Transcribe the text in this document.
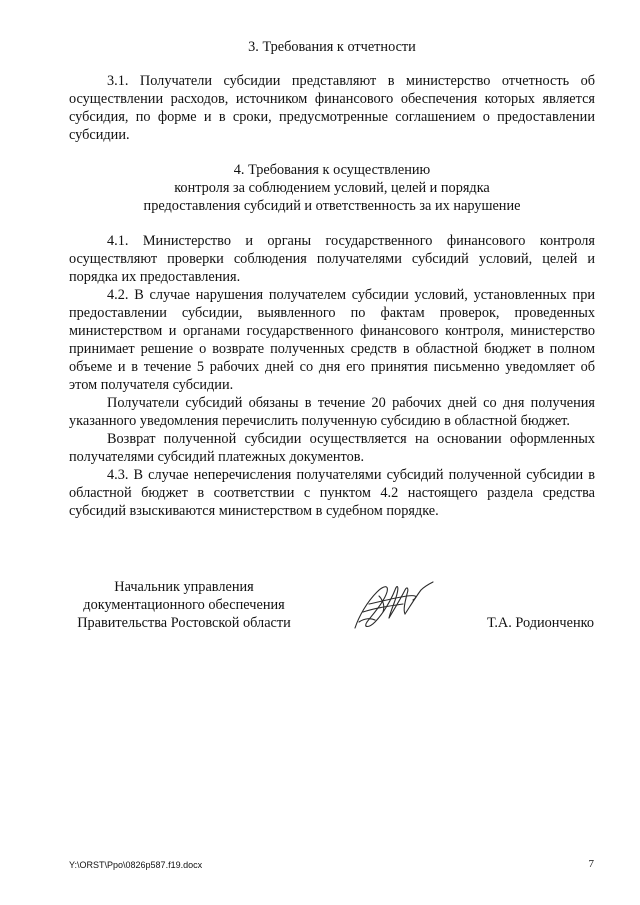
3. Требования к отчетности

3.1. Получатели субсидии представляют в министерство отчетность об осуществлении расходов, источником финансового обеспечения которых является субсидия, по форме и в сроки, предусмотренные соглашением о предоставлении субсидии.

4. Требования к осуществлению
контроля за соблюдением условий, целей и порядка
предоставления субсидий и ответственность за их нарушение

4.1. Министерство и органы государственного финансового контроля осуществляют проверки соблюдения получателями субсидий условий, целей и порядка их предоставления.

4.2. В случае нарушения получателем субсидии условий, установленных при предоставлении субсидии, выявленного по фактам проверок, проведенных министерством и органами государственного финансового контроля, министерство принимает решение о возврате полученных средств в областной бюджет в полном объеме и в течение 5 рабочих дней со дня его принятия письменно уведомляет об этом получателя субсидии.

Получатели субсидий обязаны в течение 20 рабочих дней со дня получения указанного уведомления перечислить полученную субсидию в областной бюджет.

Возврат полученной субсидии осуществляется на основании оформленных получателями субсидий платежных документов.

4.3. В случае неперечисления получателями субсидий полученной субсидии в областной бюджет в соответствии с пунктом 4.2 настоящего раздела средства субсидий взыскиваются министерством в судебном порядке.

Начальник управления
документационного обеспечения
Правительства Ростовской области	Т.А. Родионченко
Y:\ORST\Ppo\0826p587.f19.docx	7
